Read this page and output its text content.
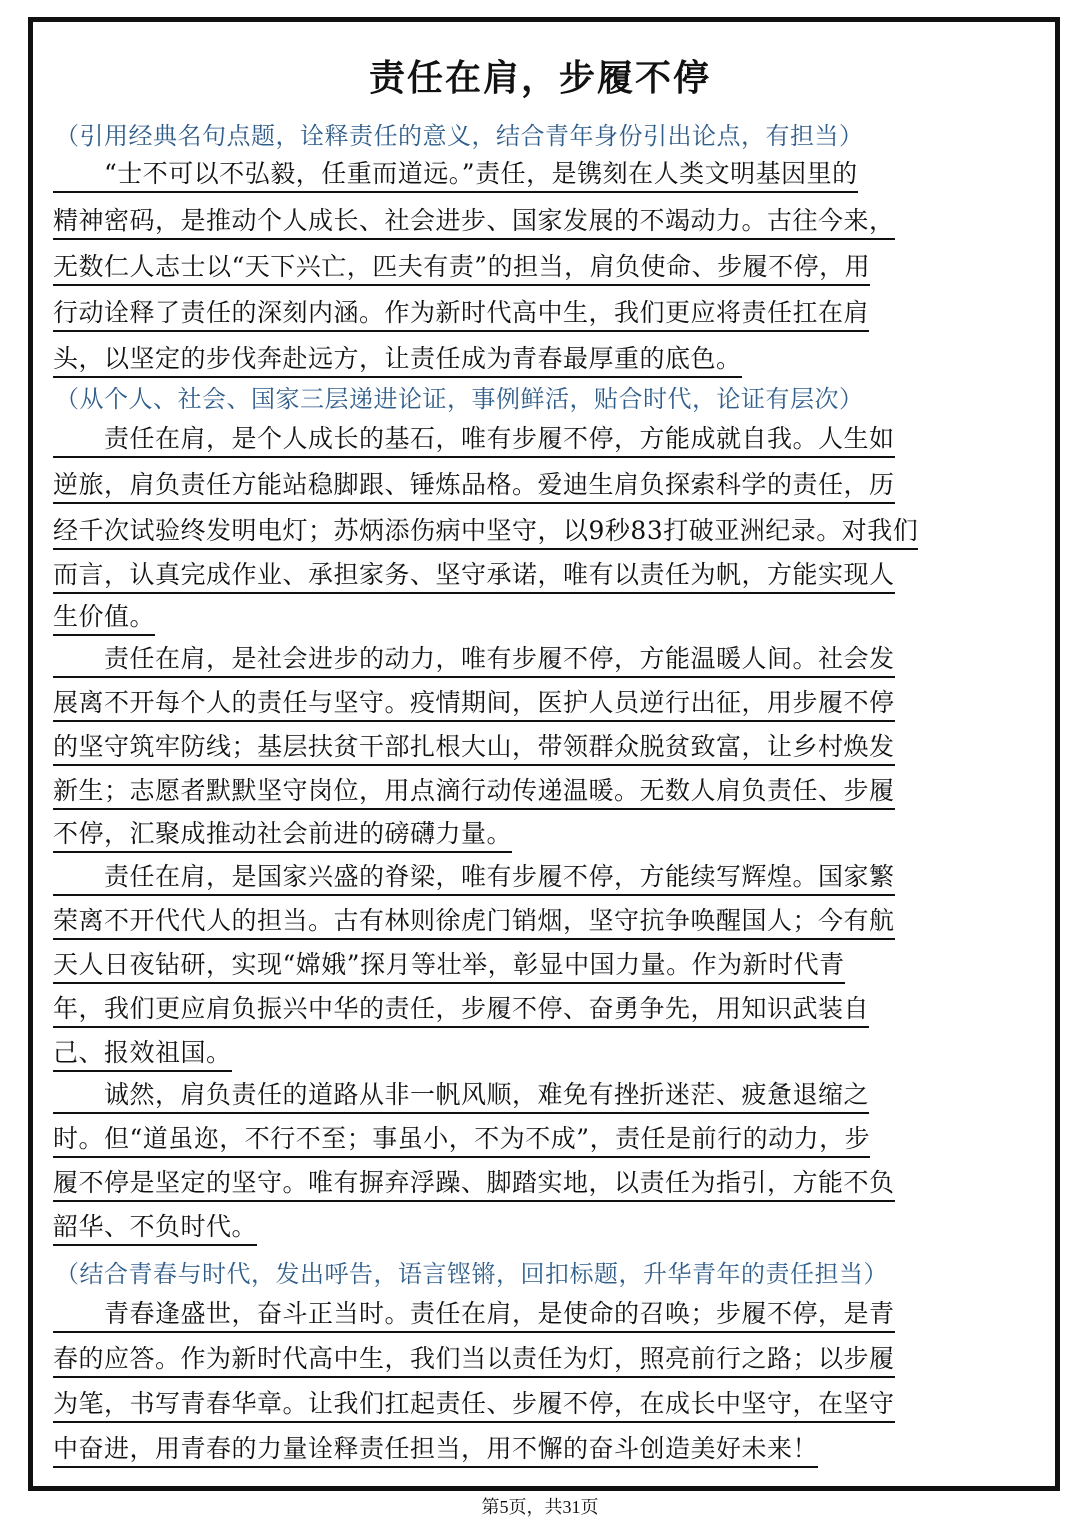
责任在肩，步履不停
（引用经典名句点题，诠释责任的意义，结合青年身份引出论点，有担当）
　　“士不可以不弘毅，任重而道远。”责任，是镌刻在人类文明基因里的
精神密码，是推动个人成长、社会进步、国家发展的不竭动力。古往今来，
无数仁人志士以“天下兴亡，匹夫有责”的担当，肩负使命、步履不停，用
行动诠释了责任的深刻内涵。作为新时代高中生，我们更应将责任扛在肩
头，以坚定的步伐奔赴远方，让责任成为青春最厚重的底色。
（从个人、社会、国家三层递进论证，事例鲜活，贴合时代，论证有层次）
　　责任在肩，是个人成长的基石，唯有步履不停，方能成就自我。人生如
逆旅，肩负责任方能站稳脚跟、锤炼品格。爱迪生肩负探索科学的责任，历
经千次试验终发明电灯；苏炳添伤病中坚守，以9秒83打破亚洲纪录。对我们
而言，认真完成作业、承担家务、坚守承诺，唯有以责任为帆，方能实现人
生价值。
　　责任在肩，是社会进步的动力，唯有步履不停，方能温暖人间。社会发
展离不开每个人的责任与坚守。疫情期间，医护人员逆行出征，用步履不停
的坚守筑牢防线；基层扶贫干部扎根大山，带领群众脱贫致富，让乡村焕发
新生；志愿者默默坚守岗位，用点滴行动传递温暖。无数人肩负责任、步履
不停，汇聚成推动社会前进的磅礴力量。
　　责任在肩，是国家兴盛的脊梁，唯有步履不停，方能续写辉煌。国家繁
荣离不开代代人的担当。古有林则徐虎门销烟，坚守抗争唤醒国人；今有航
天人日夜钻研，实现“嫦娥”探月等壮举，彰显中国力量。作为新时代青
年，我们更应肩负振兴中华的责任，步履不停、奋勇争先，用知识武装自
己、报效祖国。
　　诚然，肩负责任的道路从非一帆风顺，难免有挫折迷茫、疲惫退缩之
时。但“道虽迩，不行不至；事虽小，不为不成”，责任是前行的动力，步
履不停是坚定的坚守。唯有摒弃浮躁、脚踏实地，以责任为指引，方能不负
韶华、不负时代。
（结合青春与时代，发出呼告，语言铿锵，回扣标题，升华青年的责任担当）
　　青春逢盛世，奋斗正当时。责任在肩，是使命的召唤；步履不停，是青
春的应答。作为新时代高中生，我们当以责任为灯，照亮前行之路；以步履
为笔，书写青春华章。让我们扛起责任、步履不停，在成长中坚守，在坚守
中奋进，用青春的力量诠释责任担当，用不懈的奋斗创造美好未来！
第5页，共31页
